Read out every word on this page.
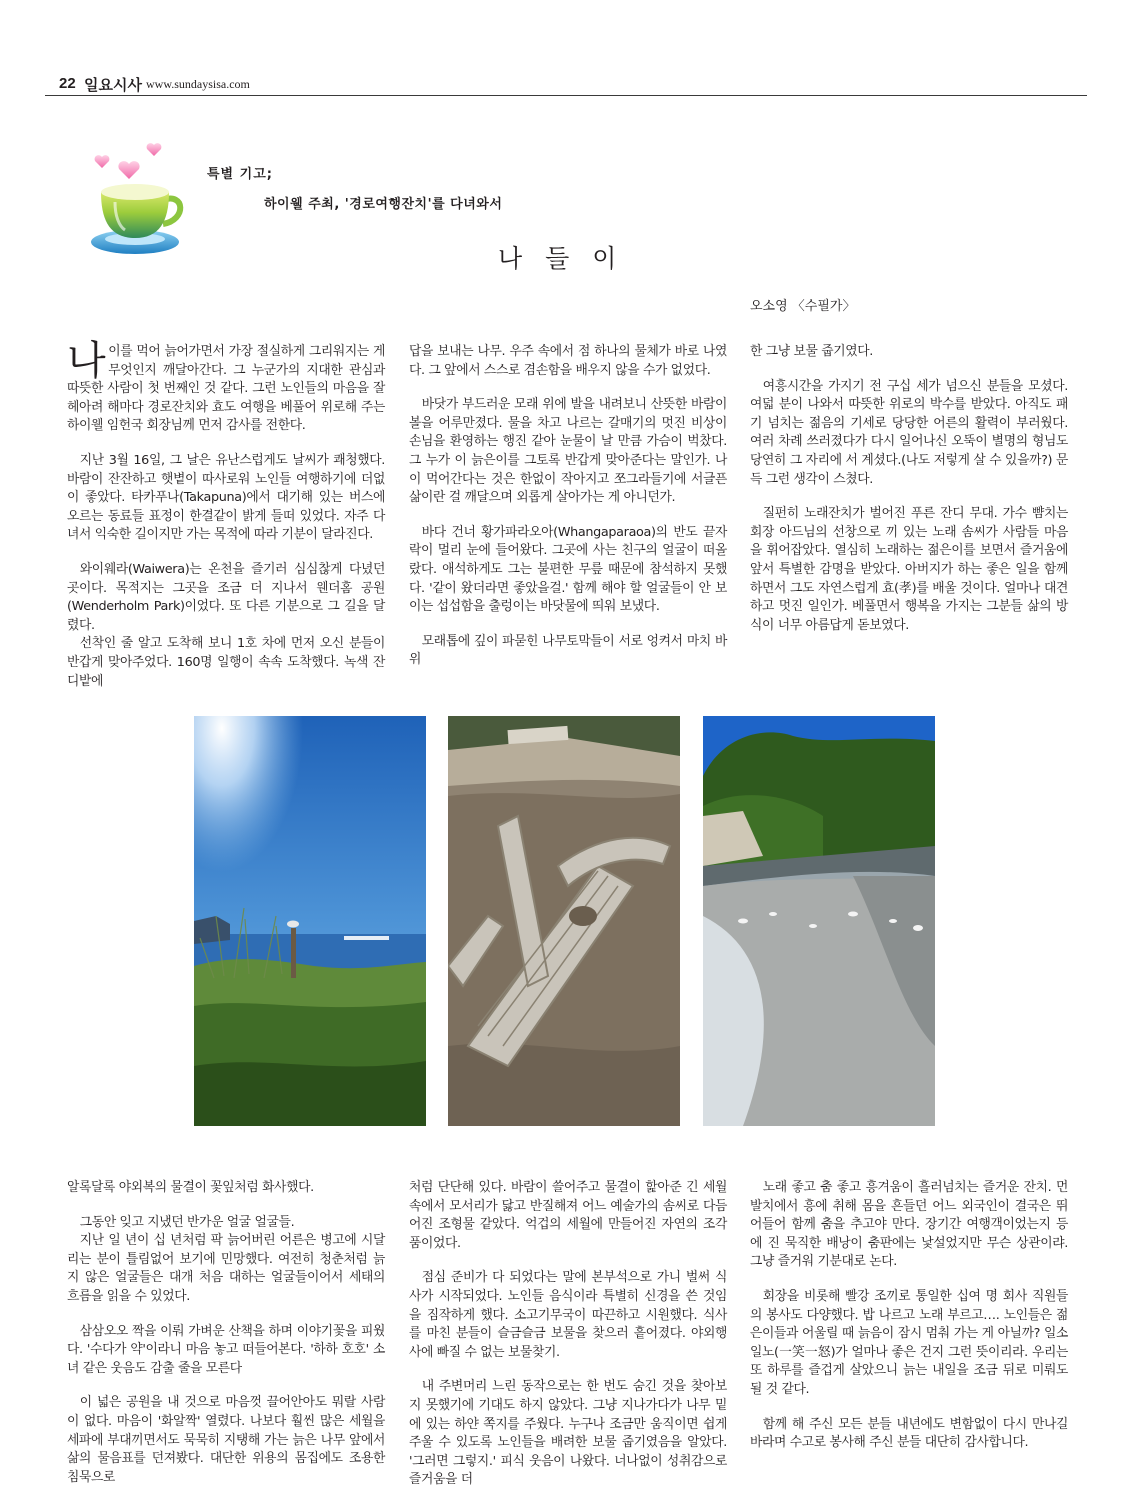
22 일요시사 www.sundaysisa.com
특별 기고;
하이웰 주최, '경로여행잔치'를 다녀와서
나들이
오소영 〈수필가〉

나이를 먹어 늙어가면서 가장 절실하게 그리워지는 게 무엇인지 깨달아간다. 그 누군가의 지대한 관심과 따뜻한 사람이 첫 번째인 것 같다. 그런 노인들의 마음을 잘 헤아려 해마다 경로잔치와 효도 여행을 베풀어 위로해 주는 하이웰 임헌국 회장님께 먼저 감사를 전한다.

지난 3월 16일, 그 날은 유난스럽게도 날씨가 쾌청했다. 바람이 잔잔하고 햇볕이 따사로워 노인들 여행하기에 더없이 좋았다. 타카푸나(Takapuna)에서 대기해 있는 버스에 오르는 동료들 표정이 한결같이 밝게 들떠 있었다. 자주 다녀서 익숙한 길이지만 가는 목적에 따라 기분이 달라진다.

와이웨라(Waiwera)는 온천을 즐기러 심심찮게 다녔던 곳이다. 목적지는 그곳을 조금 더 지나서 웬더홈 공원(Wenderholm Park)이었다. 또 다른 기분으로 그 길을 달렸다.

선착인 줄 알고 도착해 보니 1호 차에 먼저 오신 분들이 반갑게 맞아주었다. 160명 일행이 속속 도착했다. 녹색 잔디밭에

답을 보내는 나무. 우주 속에서 점 하나의 물체가 바로 나였다. 그 앞에서 스스로 겸손함을 배우지 않을 수가 없었다.

바닷가 부드러운 모래 위에 발을 내려보니 산뜻한 바람이 볼을 어루만졌다. 물을 차고 나르는 갈매기의 멋진 비상이 손님을 환영하는 행진 같아 눈물이 날 만큼 가슴이 벅찼다. 그 누가 이 늙은이를 그토록 반갑게 맞아준다는 말인가. 나이 먹어간다는 것은 한없이 작아지고 쪼그라들기에 서글픈 삶이란 걸 깨달으며 외롭게 살아가는 게 아니던가.

바다 건너 황가파라오아(Whangaparaoa)의 반도 끝자락이 멀리 눈에 들어왔다. 그곳에 사는 친구의 얼굴이 떠올랐다. 애석하게도 그는 불편한 무릎 때문에 참석하지 못했다. '같이 왔더라면 좋았을걸.' 함께 해야 할 얼굴들이 안 보이는 섭섭함을 출렁이는 바닷물에 띄워 보냈다.

모래톱에 깊이 파묻힌 나무토막들이 서로 엉켜서 마치 바위

한 그냥 보물 줍기였다.

여흥시간을 가지기 전 구십 세가 넘으신 분들을 모셨다. 여덟 분이 나와서 따뜻한 위로의 박수를 받았다. 아직도 패기 넘치는 젊음의 기세로 당당한 어른의 활력이 부러웠다. 여러 차례 쓰러졌다가 다시 일어나신 오뚝이 별명의 형님도 당연히 그 자리에 서 계셨다.(나도 저렇게 살 수 있을까?) 문득 그런 생각이 스쳤다.

질펀히 노래잔치가 벌어진 푸른 잔디 무대. 가수 뺨치는 회장 아드님의 선창으로 끼 있는 노래 솜씨가 사람들 마음을 휘어잡았다. 열심히 노래하는 젊은이를 보면서 즐거움에 앞서 특별한 감명을 받았다. 아버지가 하는 좋은 일을 함께하면서 그도 자연스럽게 효(孝)를 배울 것이다. 얼마나 대견하고 멋진 일인가. 베풀면서 행복을 가지는 그분들 삶의 방식이 너무 아름답게 돋보였다.

알록달록 야외복의 물결이 꽃잎처럼 화사했다.

그동안 잊고 지냈던 반가운 얼굴 얼굴들.

지난 일 년이 십 년처럼 팍 늙어버린 어른은 병고에 시달리는 분이 틀림없어 보기에 민망했다. 여전히 청춘처럼 늙지 않은 얼굴들은 대개 처음 대하는 얼굴들이어서 세태의 흐름을 읽을 수 있었다.

삼삼오오 짝을 이뤄 가벼운 산책을 하며 이야기꽃을 피웠다. '수다가 약'이라니 마음 놓고 떠들어본다. '하하 호호' 소녀 같은 웃음도 감출 줄을 모른다

이 넓은 공원을 내 것으로 마음껏 끌어안아도 뭐랄 사람이 없다. 마음이 '화알짝' 열렸다. 나보다 훨씬 많은 세월을 세파에 부대끼면서도 묵묵히 지탱해 가는 늙은 나무 앞에서 삶의 물음표를 던져봤다. 대단한 위용의 몸집에도 조용한 침묵으로

처럼 단단해 있다. 바람이 쓸어주고 물결이 핥아준 긴 세월 속에서 모서리가 닳고 반질해져 어느 예술가의 솜씨로 다듬어진 조형물 같았다. 억겁의 세월에 만들어진 자연의 조각품이었다.

점심 준비가 다 되었다는 말에 본부석으로 가니 벌써 식사가 시작되었다. 노인들 음식이라 특별히 신경을 쓴 것임을 짐작하게 했다. 소고기무국이 따끈하고 시원했다. 식사를 마친 분들이 슬금슬금 보물을 찾으러 흩어졌다. 야외행사에 빠질 수 없는 보물찾기.

내 주변머리 느린 동작으로는 한 번도 숨긴 것을 찾아보지 못했기에 기대도 하지 않았다. 그냥 지나가다가 나무 밑에 있는 하얀 쪽지를 주웠다. 누구나 조금만 움직이면 쉽게 주울 수 있도록 노인들을 배려한 보물 줍기였음을 알았다. '그러면 그렇지.' 피식 웃음이 나왔다. 너나없이 성취감으로 즐거움을 더

노래 좋고 춤 좋고 흥겨움이 흘러넘치는 즐거운 잔치. 먼발치에서 흥에 취해 몸을 흔들던 어느 외국인이 결국은 뛰어들어 함께 춤을 추고야 만다. 장기간 여행객이었는지 등에 진 묵직한 배낭이 춤판에는 낯설었지만 무슨 상관이랴. 그냥 즐거워 기분대로 논다.

회장을 비롯해 빨강 조끼로 통일한 십여 명 회사 직원들의 봉사도 다양했다. 밥 나르고 노래 부르고…. 노인들은 젊은이들과 어울릴 때 늙음이 잠시 멈춰 가는 게 아닐까? 일소일노(一笑一怒)가 얼마나 좋은 건지 그런 뜻이리라. 우리는 또 하루를 즐겁게 살았으니 늙는 내일을 조금 뒤로 미뤄도 될 것 같다.

함께 해 주신 모든 분들 내년에도 변함없이 다시 만나길 바라며 수고로 봉사해 주신 분들 대단히 감사합니다.
